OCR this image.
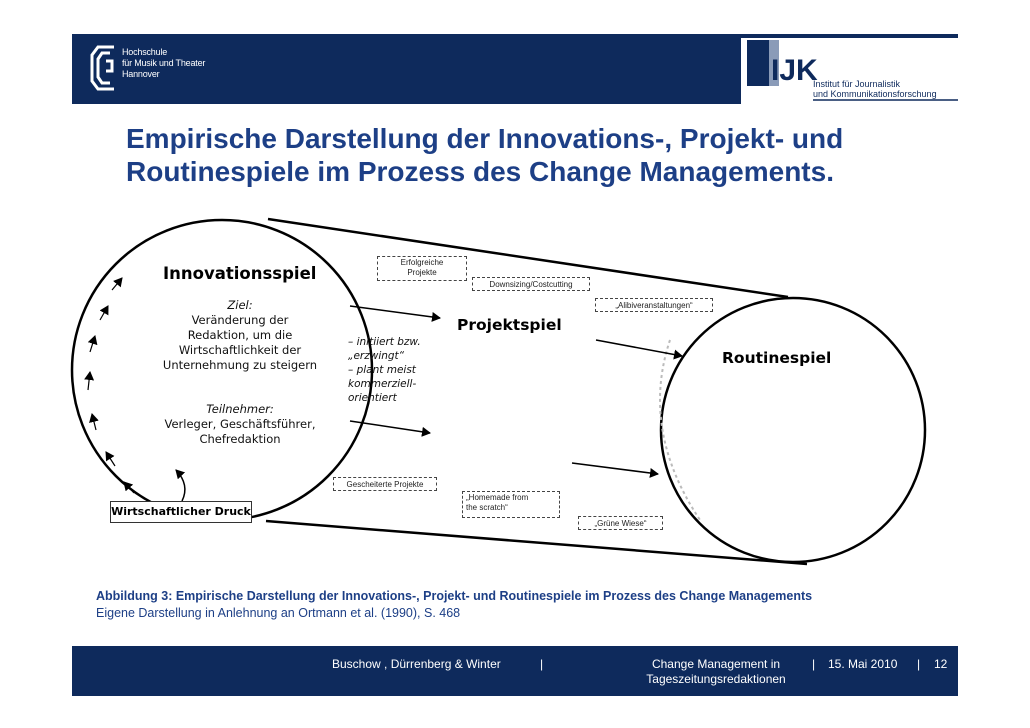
Hochschule
für Musik und Theater
Hannover	IJK
Institut für Journalistik
und Kommunikationsforschung
Empirische Darstellung der Innovations-, Projekt- und
Routinespiele im Prozess des Change Managements.
Innovationsspiel
Ziel:
Veränderung der
Redaktion, um die
Wirtschaftlichkeit der
Unternehmung zu steigern
Teilnehmer:
Verleger, Geschäftsführer,
Chefredaktion
– initiiert bzw.
„erzwingt“
– plant meist
kommerziell-
orientiert
Projektspiel
Routinespiel
Erfolgreiche
Projekte
Downsizing/Costcutting
„Alibiveranstaltungen“
Gescheiterte Projekte
„Homemade from
the scratch“
„Grüne Wiese“
Wirtschaftlicher Druck
Abbildung 3: Empirische Darstellung der Innovations-, Projekt- und Routinespiele im Prozess des Change Managements
Eigene Darstellung in Anlehnung an Ortmann et al. (1990), S. 468
Buschow , Dürrenberg & Winter	|	Change Management in
Tageszeitungsredaktionen
| 15. Mai 2010 | 12
